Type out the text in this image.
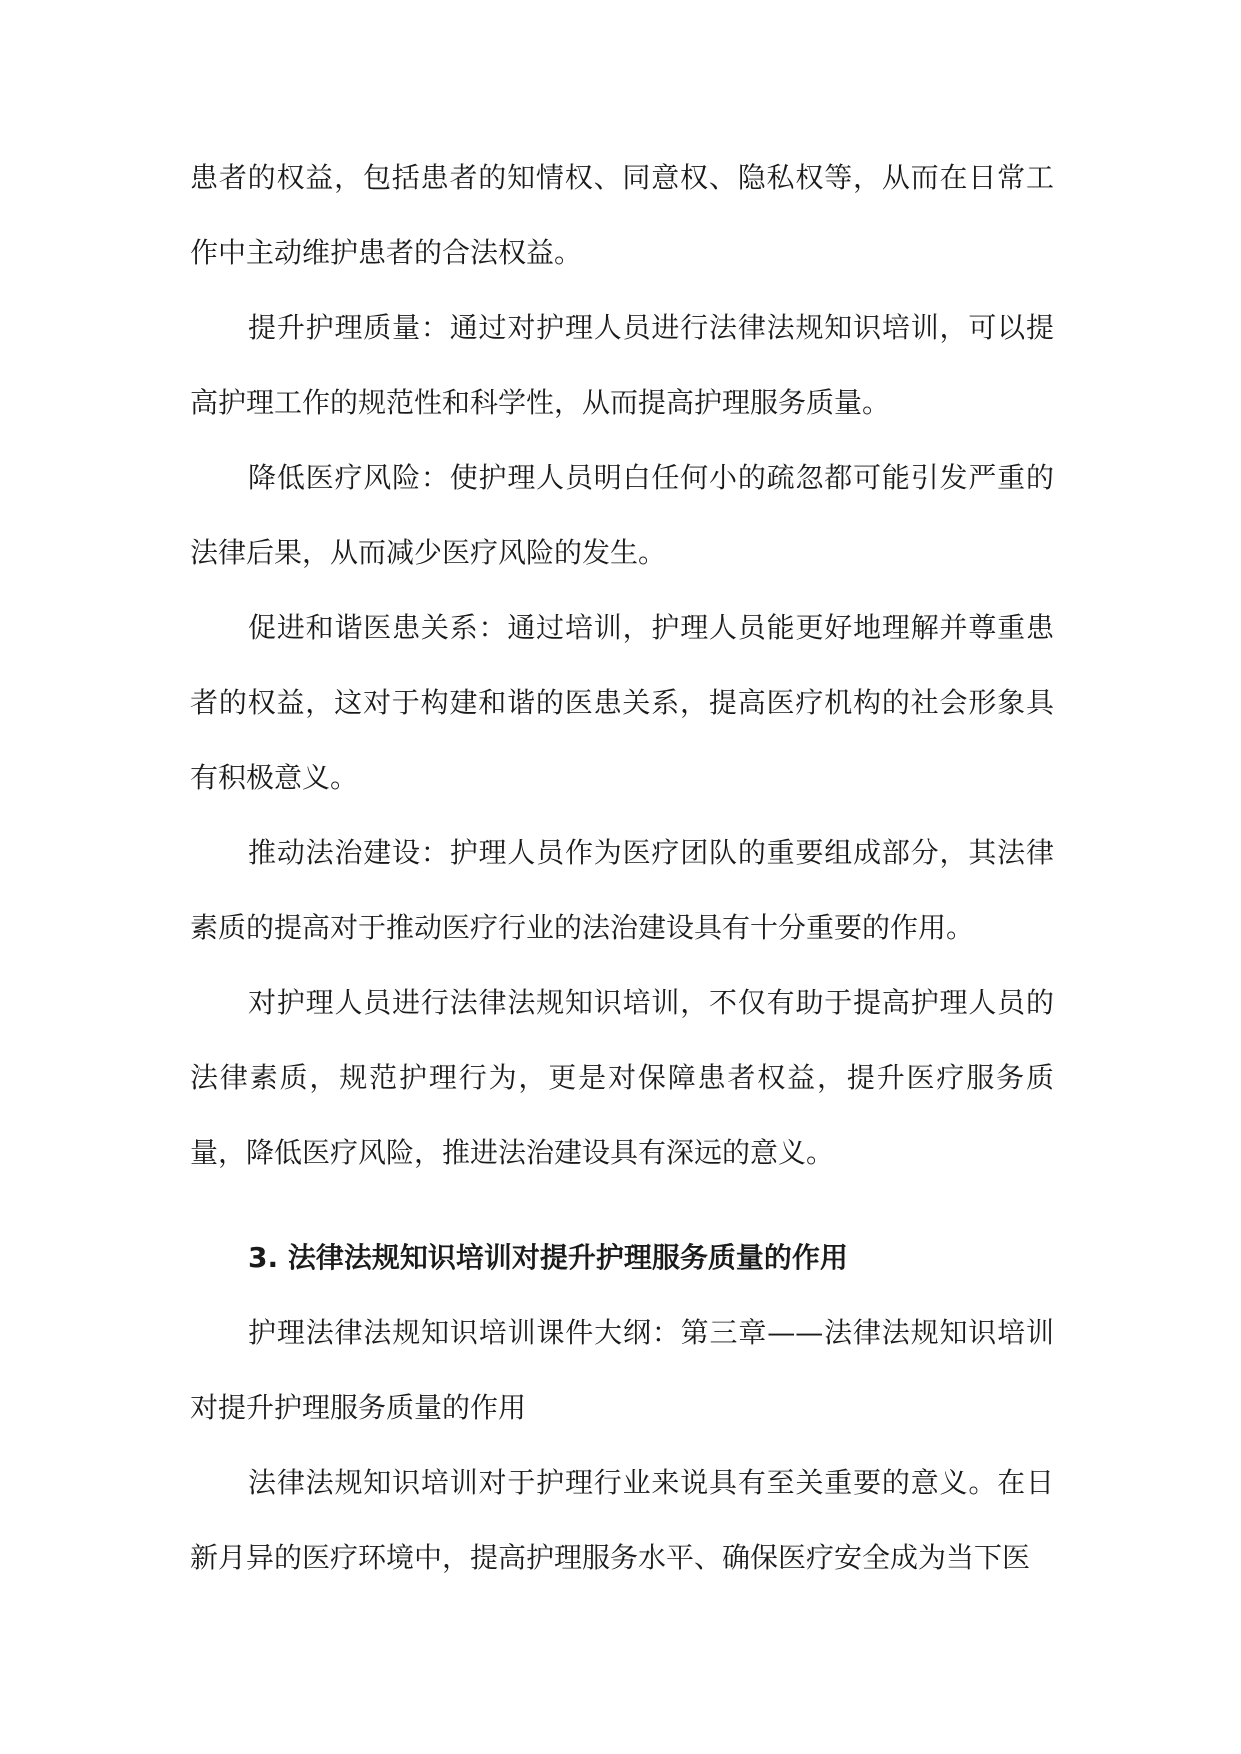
患者的权益，包括患者的知情权、同意权、隐私权等，从而在日常工作中主动维护患者的合法权益。

提升护理质量：通过对护理人员进行法律法规知识培训，可以提高护理工作的规范性和科学性，从而提高护理服务质量。

降低医疗风险：使护理人员明白任何小的疏忽都可能引发严重的法律后果，从而减少医疗风险的发生。

促进和谐医患关系：通过培训，护理人员能更好地理解并尊重患者的权益，这对于构建和谐的医患关系，提高医疗机构的社会形象具有积极意义。

推动法治建设：护理人员作为医疗团队的重要组成部分，其法律素质的提高对于推动医疗行业的法治建设具有十分重要的作用。

对护理人员进行法律法规知识培训，不仅有助于提高护理人员的法律素质，规范护理行为，更是对保障患者权益，提升医疗服务质量，降低医疗风险，推进法治建设具有深远的意义。

3. 法律法规知识培训对提升护理服务质量的作用

护理法律法规知识培训课件大纲：第三章——法律法规知识培训对提升护理服务质量的作用

法律法规知识培训对于护理行业来说具有至关重要的意义。在日新月异的医疗环境中，提高护理服务水平、确保医疗安全成为当下医
